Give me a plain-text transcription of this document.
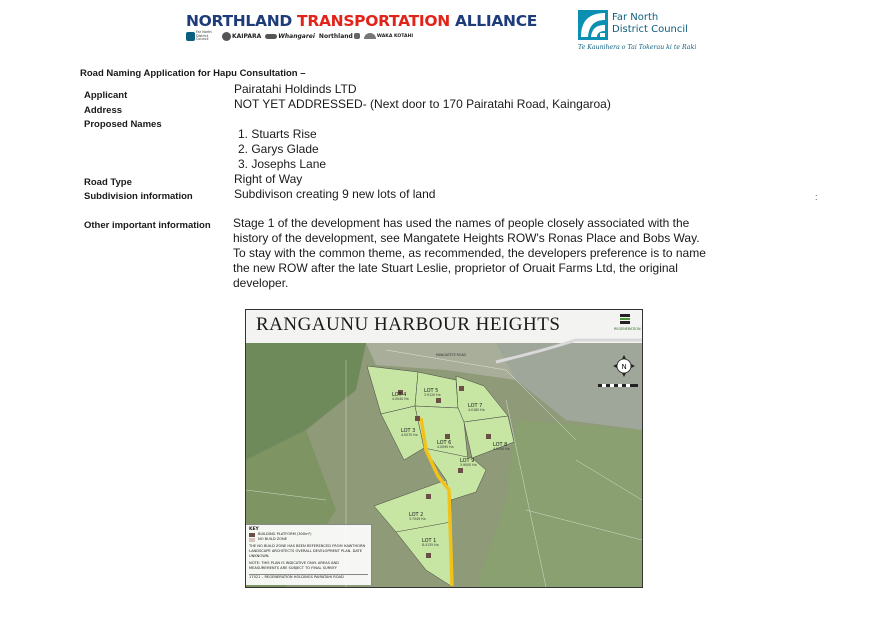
NORTHLAND TRANSPORTATION ALLIANCE
Far North District Council	KAIPARA	Whangarei Northland	WAKA KOTAHI
Far North
District Council
Te Kaunihera o Tai Tokerau ki te Raki
Road Naming Application for Hapu Consultation –
Applicant	Pairatahi Holdinds LTD
Address	NOT YET ADDRESSED- (Next door to 170 Pairatahi Road, Kaingaroa)
Proposed Names
1. Stuarts Rise
2. Garys Glade
3. Josephs Lane
Road Type	Right of Way
Subdivision information	Subdivison creating 9 new lots of land	:
Other important information Stage 1 of the development has used the names of people closely associated with the history of the development, see Mangatete Heights ROW's Ronas Place and Bobs Way. To stay with the common theme, as recommended, the developers preference is to name the new ROW after the late Stuart Leslie, proprietor of Oruait Farms Ltd, the original developer.
LOT 4
4.0040 Ha
LOT 5
3.9120 Ha
LOT 7
4.0180 Ha
LOT 3
4.0070 Ha
LOT 6
4.0090 Ha	LOT 8
4.0050 Ha
LOT 9
3.9000 Ha
LOT 2
3.7049 Ha
LOT 1
8.4135 Ha
MANGATETE ROAD
N
REGENERATION
RANGAUNU HARBOUR HEIGHTS
KEY
BUILDING PLATFORM (300m²)
NO BUILD ZONE
THE NO BUILD ZONE HAS BEEN REFERENCED FROM HAWTHORN LANDSCAPE ARCHITECTS OVERALL DEVELOPMENT PLAN. DATE UNKNOWN.
NOTE: THIS PLAN IS INDICATIVE ONLY. AREAS AND MEASUREMENTS ARE SUBJECT TO FINAL SURVEY
17021 – REGENERATION HOLDINGS PAIRATAHI ROAD
